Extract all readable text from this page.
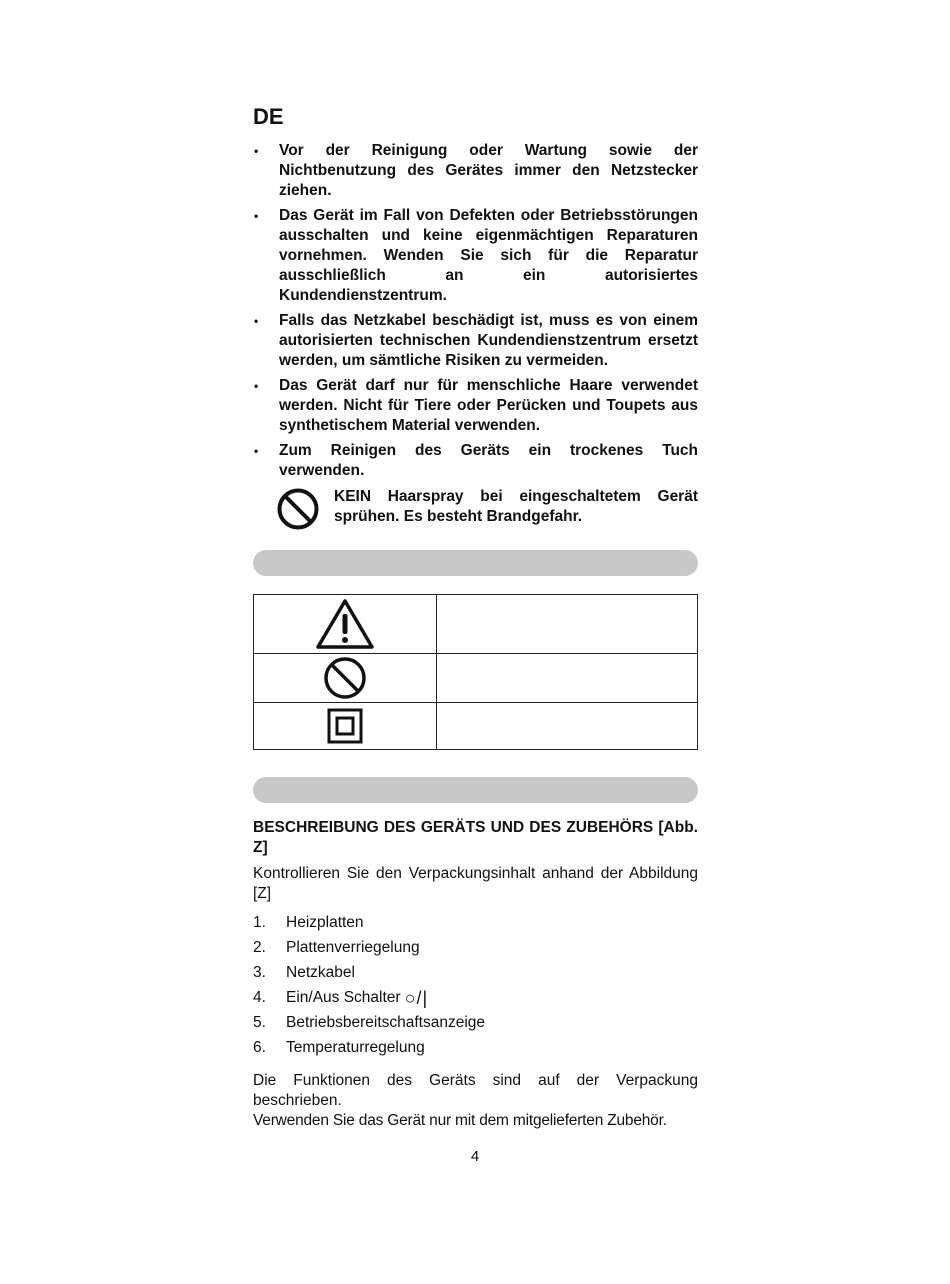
DE
• Vor der Reinigung oder Wartung sowie der Nichtbenutzung des Gerätes immer den Netzstecker ziehen.
• Das Gerät im Fall von Defekten oder Betriebsstörungen ausschalten und keine eigenmächtigen Reparaturen vornehmen. Wenden Sie sich für die Reparatur ausschließlich an ein autorisiertes Kundendienstzentrum.
• Falls das Netzkabel beschädigt ist, muss es von einem autorisierten technischen Kundendienstzentrum ersetzt werden, um sämtliche Risiken zu vermeiden.
• Das Gerät darf nur für menschliche Haare verwendet werden. Nicht für Tiere oder Perücken und Toupets aus synthetischem Material verwenden.
• Zum Reinigen des Geräts ein trockenes Tuch verwenden.

KEIN Haarspray bei eingeschaltetem Gerät sprühen. Es besteht Brandgefahr.

BESCHREIBUNG DES GERÄTS UND DES ZUBEHÖRS [Abb. Z]

Kontrollieren Sie den Verpackungsinhalt anhand der Abbildung [Z]

1.	Heizplatten
2.	Plattenverriegelung
3.	Netzkabel
4.	Ein/Aus Schalter ○/|
5.	Betriebsbereitschaftsanzeige
6.	Temperaturregelung

Die Funktionen des Geräts sind auf der Verpackung beschrieben.

Verwenden Sie das Gerät nur mit dem mitgelieferten Zubehör.

4
